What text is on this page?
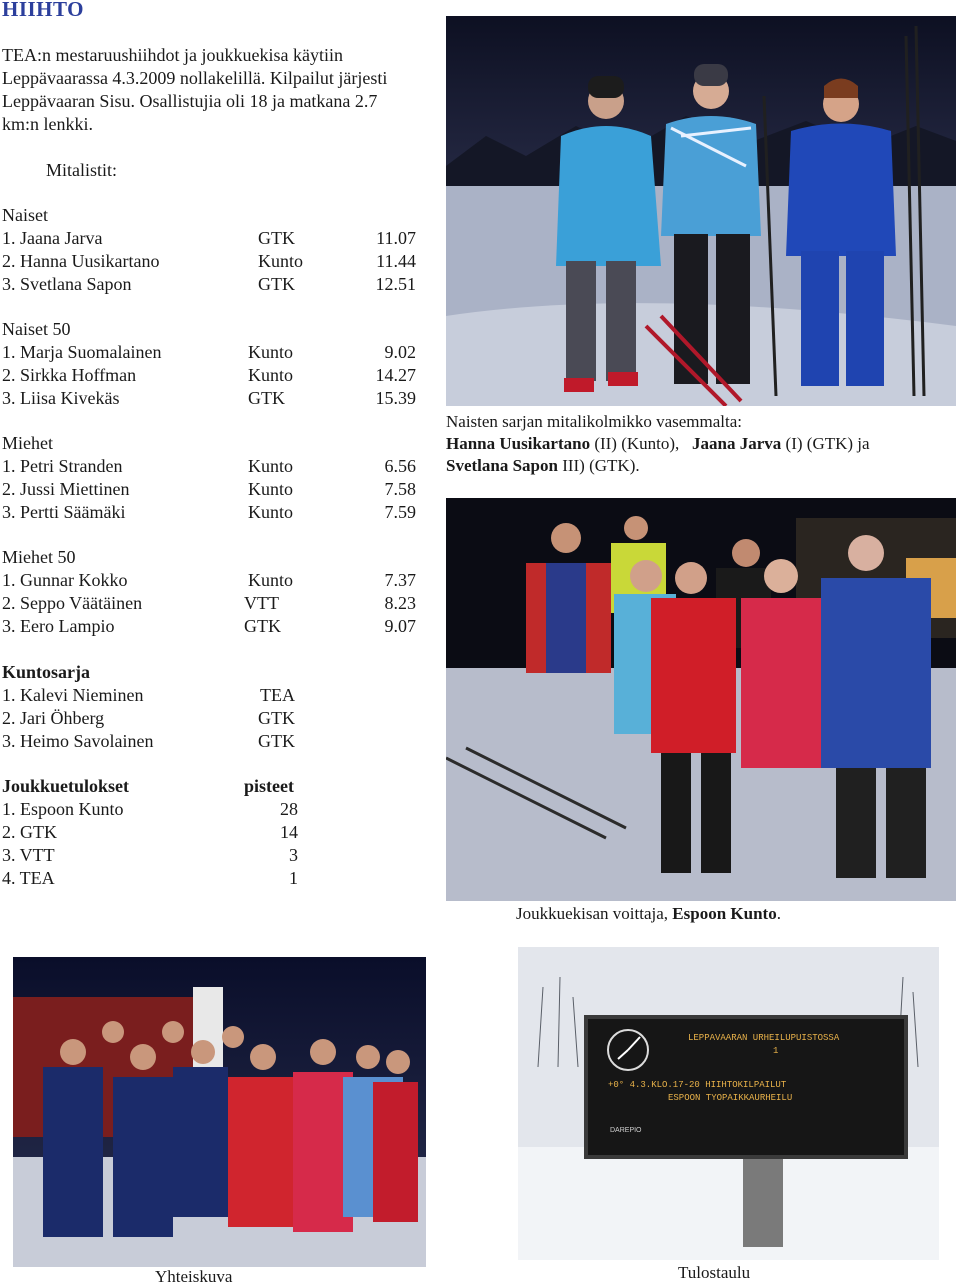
HIIHTO
TEA:n mestaruushiihdot ja joukkuekisa käytiin
Leppävaarassa 4.3.2009 nollakelillä. Kilpailut järjesti
Leppävaaran Sisu. Osallistujia oli 18 ja matkana 2.7
km:n lenkki.
Mitalistit:
Naiset
1. Jaana Jarva	GTK	11.07
2. Hanna Uusikartano	Kunto	11.44
3. Svetlana Sapon	GTK	12.51
Naiset 50
1. Marja Suomalainen	Kunto	9.02
2. Sirkka Hoffman	Kunto	14.27
3. Liisa Kivekäs	GTK	15.39
Miehet
1. Petri Stranden	Kunto	6.56
2. Jussi Miettinen	Kunto	7.58
3. Pertti Säämäki	Kunto	7.59
Miehet 50
1. Gunnar Kokko	Kunto	7.37
2. Seppo Väätäinen	VTT	8.23
3. Eero Lampio	GTK	9.07
Kuntosarja
1. Kalevi Nieminen	TEA
2. Jari Öhberg	GTK
3. Heimo Savolainen	GTK
Joukkuetulokset	pisteet
1. Espoon Kunto	28
2. GTK	14
3. VTT	3
4. TEA	1
Naisten sarjan mitalikolmikko vasemmalta:
Hanna Uusikartano (II) (Kunto), Jaana Jarva (I) (GTK) ja
Svetlana Sapon III) (GTK).
Joukkuekisan voittaja, Espoon Kunto.
Yhteiskuva
LEPPAVAARAN URHEILUPUISTOSSA
1
+0° 4.3.KLO.17-20 HIIHTOKILPAILUT
ESPOON TYOPAIKKAURHEILU
DAREPIO
Tulostaulu
